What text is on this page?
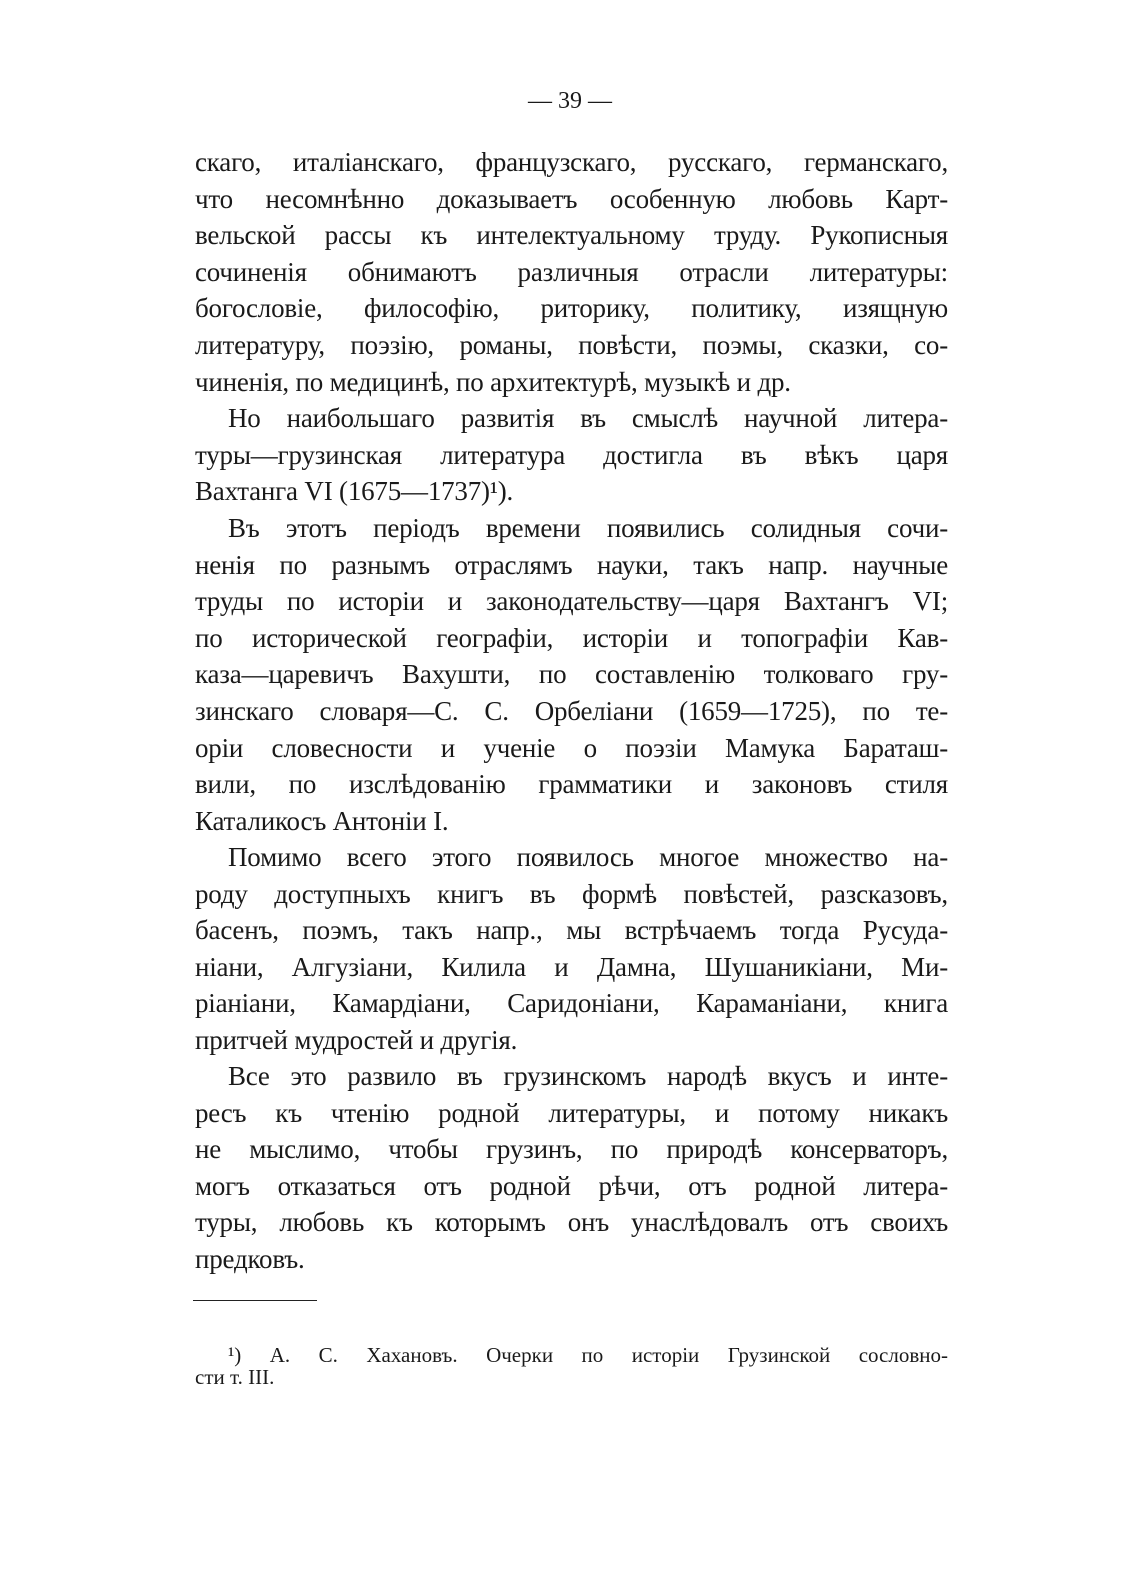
— 39 —
скаго, италіанскаго, французскаго, русскаго, германскаго,
что несомнѣнно доказываетъ особенную любовь Карт-
вельской рассы къ интелектуальному труду. Рукописныя
сочиненія обнимаютъ различныя отрасли литературы:
богословіе, философію, риторику, политику, изящную
литературу, поэзію, романы, повѣсти, поэмы, сказки, со-
чиненія, по медицинѣ, по архитектурѣ, музыкѣ и др.
Но наибольшаго развитія въ смыслѣ научной литера-
туры—грузинская литература достигла въ вѣкъ царя
Вахтанга VI (1675—1737)¹).
Въ этотъ періодъ времени появились солидныя сочи-
ненія по разнымъ отраслямъ науки, такъ напр. научные
труды по исторіи и законодательству—царя Вахтангъ VI;
по исторической географіи, исторіи и топографіи Кав-
каза—царевичъ Вахушти, по составленію толковаго гру-
зинскаго словаря—С. С. Орбеліани (1659—1725), по те-
оріи словесности и ученіе о поэзіи Мамука Бараташ-
вили, по изслѣдованію грамматики и законовъ стиля
Каталикосъ Антоніи I.
Помимо всего этого появилось многое множество на-
роду доступныхъ книгъ въ формѣ повѣстей, разсказовъ,
басенъ, поэмъ, такъ напр., мы встрѣчаемъ тогда Русуда-
ніани, Алгузіани, Килила и Дамна, Шушаникіани, Ми-
ріаніани, Камардіани, Саридоніани, Караманіани, книга
притчей мудростей и другія.
Все это развило въ грузинскомъ народѣ вкусъ и инте-
ресъ къ чтенію родной литературы, и потому никакъ
не мыслимо, чтобы грузинъ, по природѣ консерваторъ,
могъ отказаться отъ родной рѣчи, отъ родной литера-
туры, любовь къ которымъ онъ унаслѣдовалъ отъ своихъ
предковъ.
¹) А. С. Хахановъ. Очерки по исторіи Грузинской сословно-
сти т. III.
